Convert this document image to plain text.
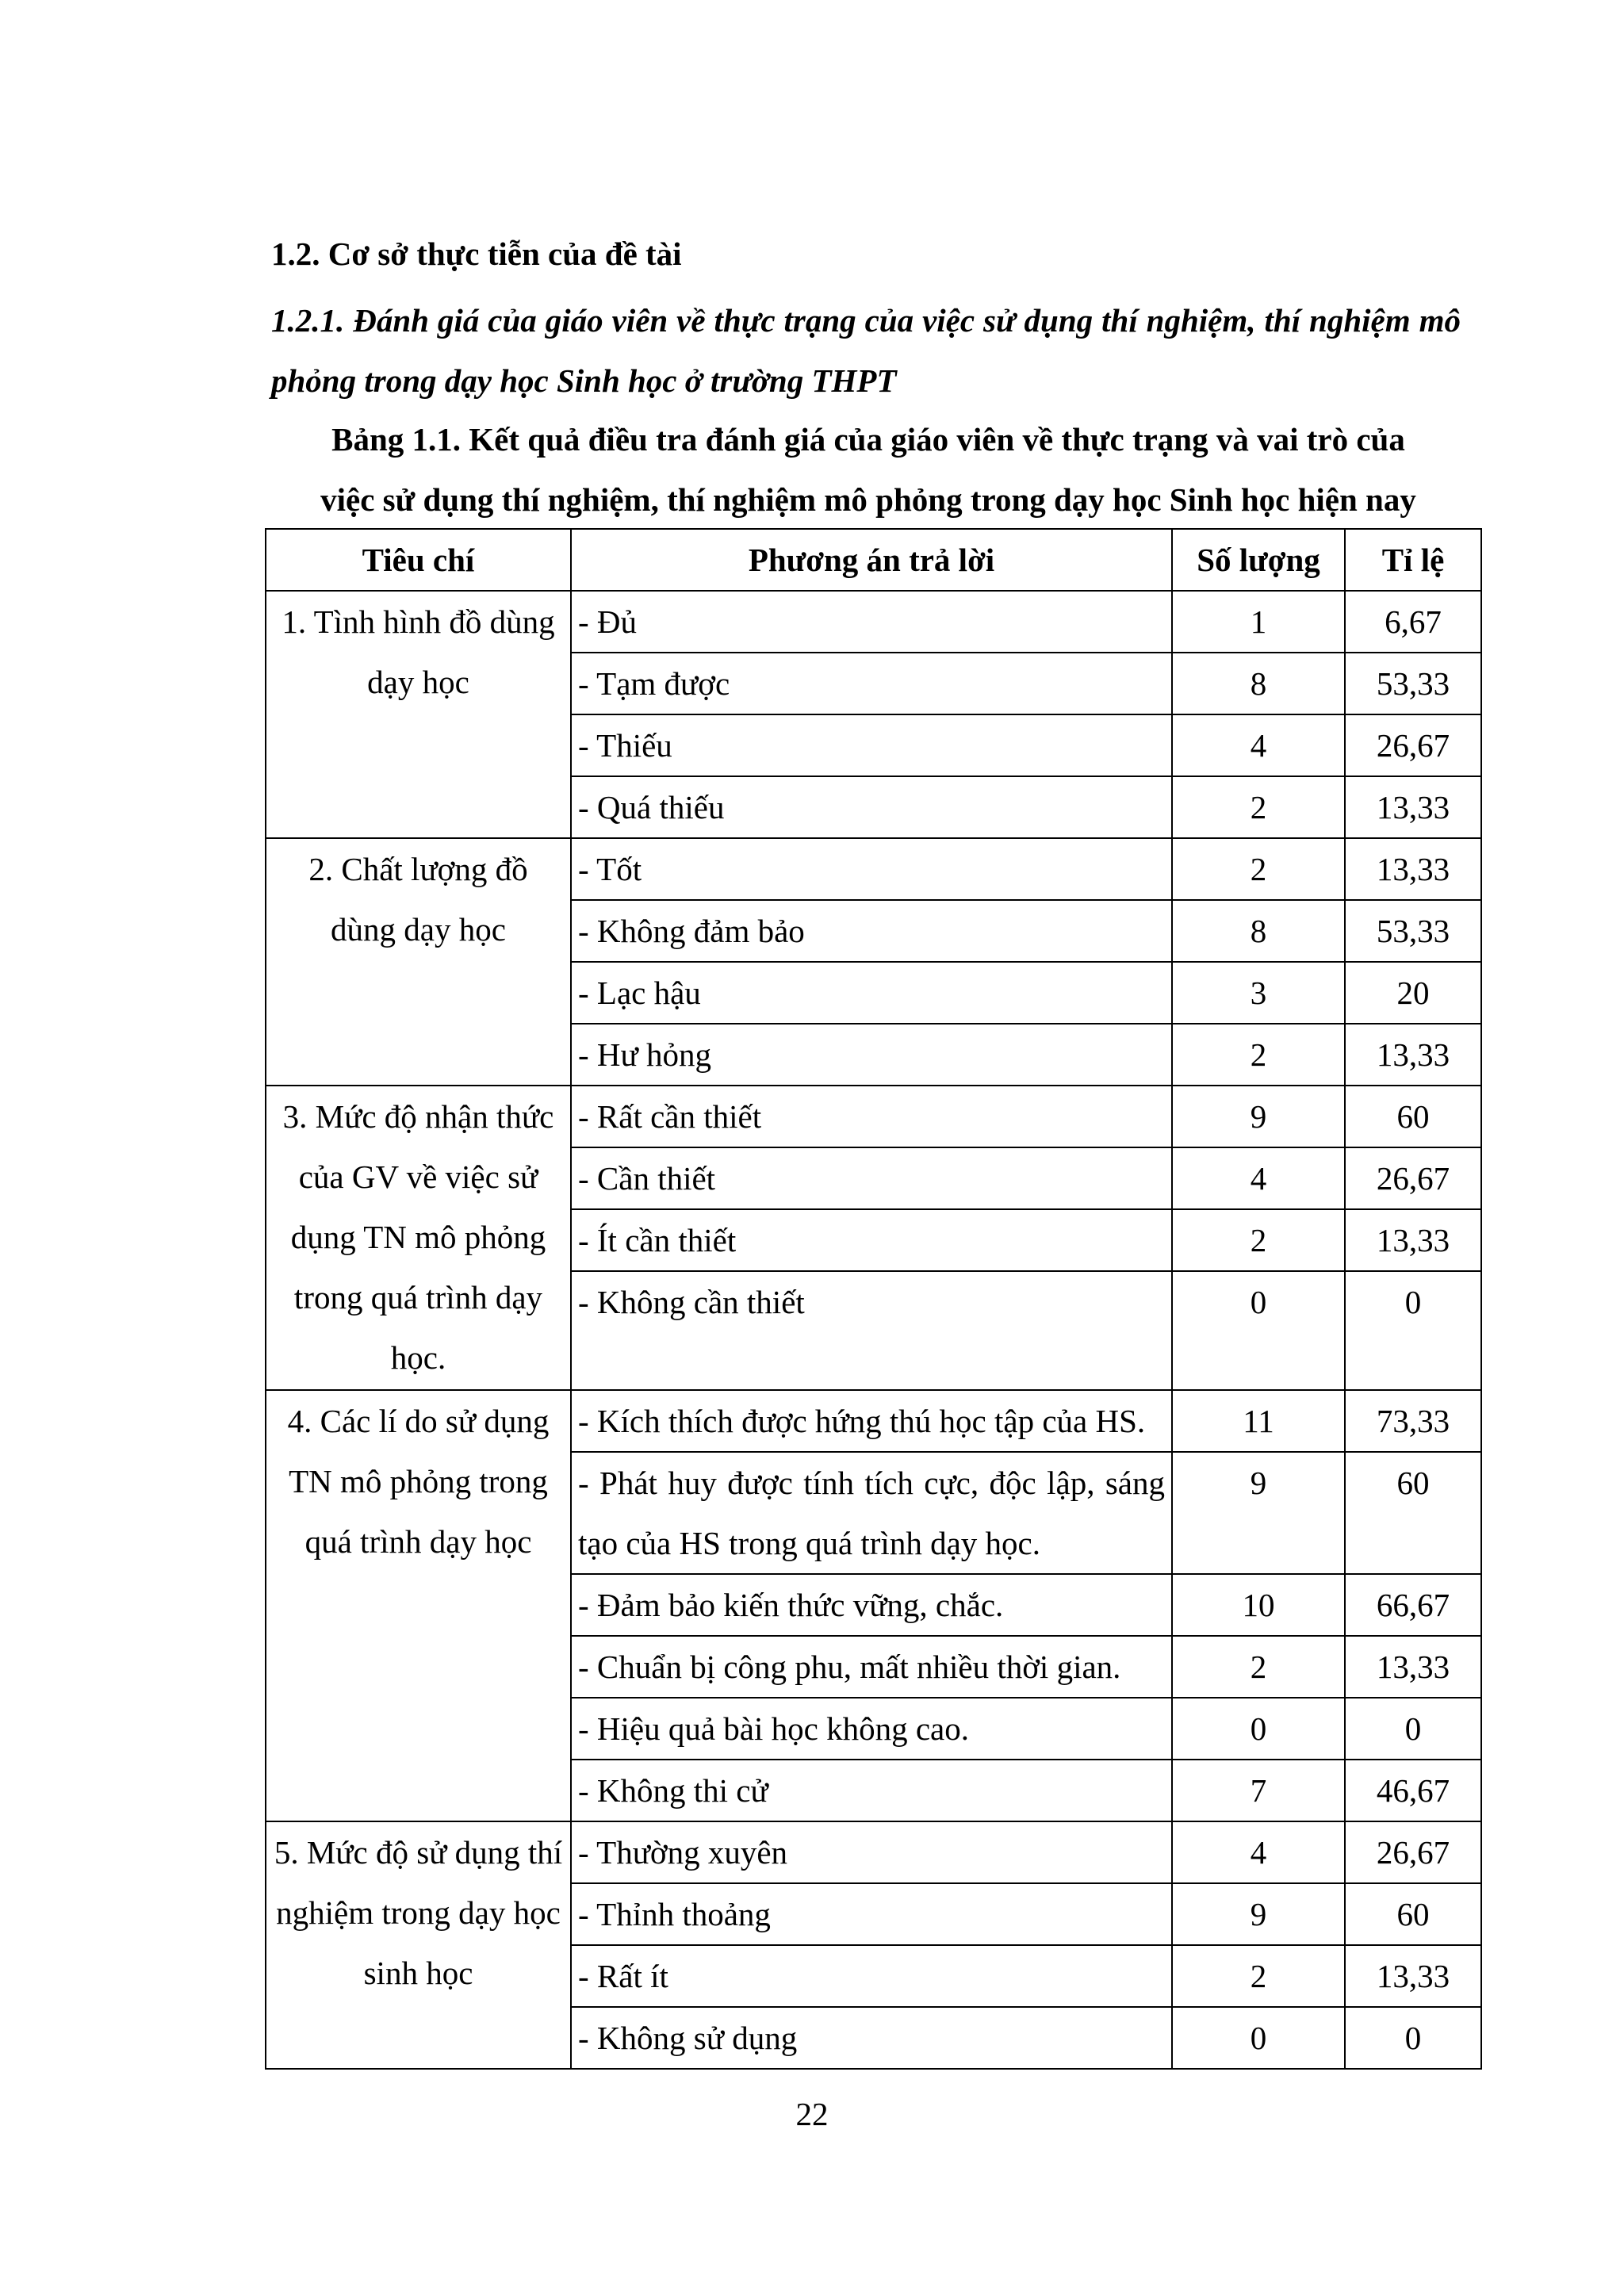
1.2. Cơ sở thực tiễn của đề tài
1.2.1. Đánh giá của giáo viên về thực trạng của việc sử dụng thí nghiệm, thí nghiệm mô phỏng trong dạy học Sinh học ở trường THPT
Bảng 1.1. Kết quả điều tra đánh giá của giáo viên về thực trạng và vai trò của
việc sử dụng thí nghiệm, thí nghiệm mô phỏng trong dạy học Sinh học hiện nay
Tiêu chí	Phương án trả lời	Số lượng	Tỉ lệ
1. Tình hình đồ dùng dạy học	- Đủ	1	6,67
	- Tạm được	8	53,33
	- Thiếu	4	26,67
	- Quá thiếu	2	13,33
2. Chất lượng đồ dùng dạy học	- Tốt	2	13,33
	- Không đảm bảo	8	53,33
	- Lạc hậu	3	20
	- Hư hỏng	2	13,33
3. Mức độ nhận thức của GV về việc sử dụng TN mô phỏng trong quá trình dạy học.	- Rất cần thiết	9	60
	- Cần thiết	4	26,67
	- Ít cần thiết	2	13,33
	- Không cần thiết	0	0
4. Các lí do sử dụng TN mô phỏng trong quá trình dạy học	- Kích thích được hứng thú học tập của HS.	11	73,33
	- Phát huy được tính tích cực, độc lập, sáng tạo của HS trong quá trình dạy học.	9	60
	- Đảm bảo kiến thức vững, chắc.	10	66,67
	- Chuẩn bị công phu, mất nhiều thời gian.	2	13,33
	- Hiệu quả bài học không cao.	0	0
	- Không thi cử	7	46,67
5. Mức độ sử dụng thí nghiệm trong dạy học sinh học	- Thường xuyên	4	26,67
	- Thỉnh thoảng	9	60
	- Rất ít	2	13,33
	- Không sử dụng	0	0
22
